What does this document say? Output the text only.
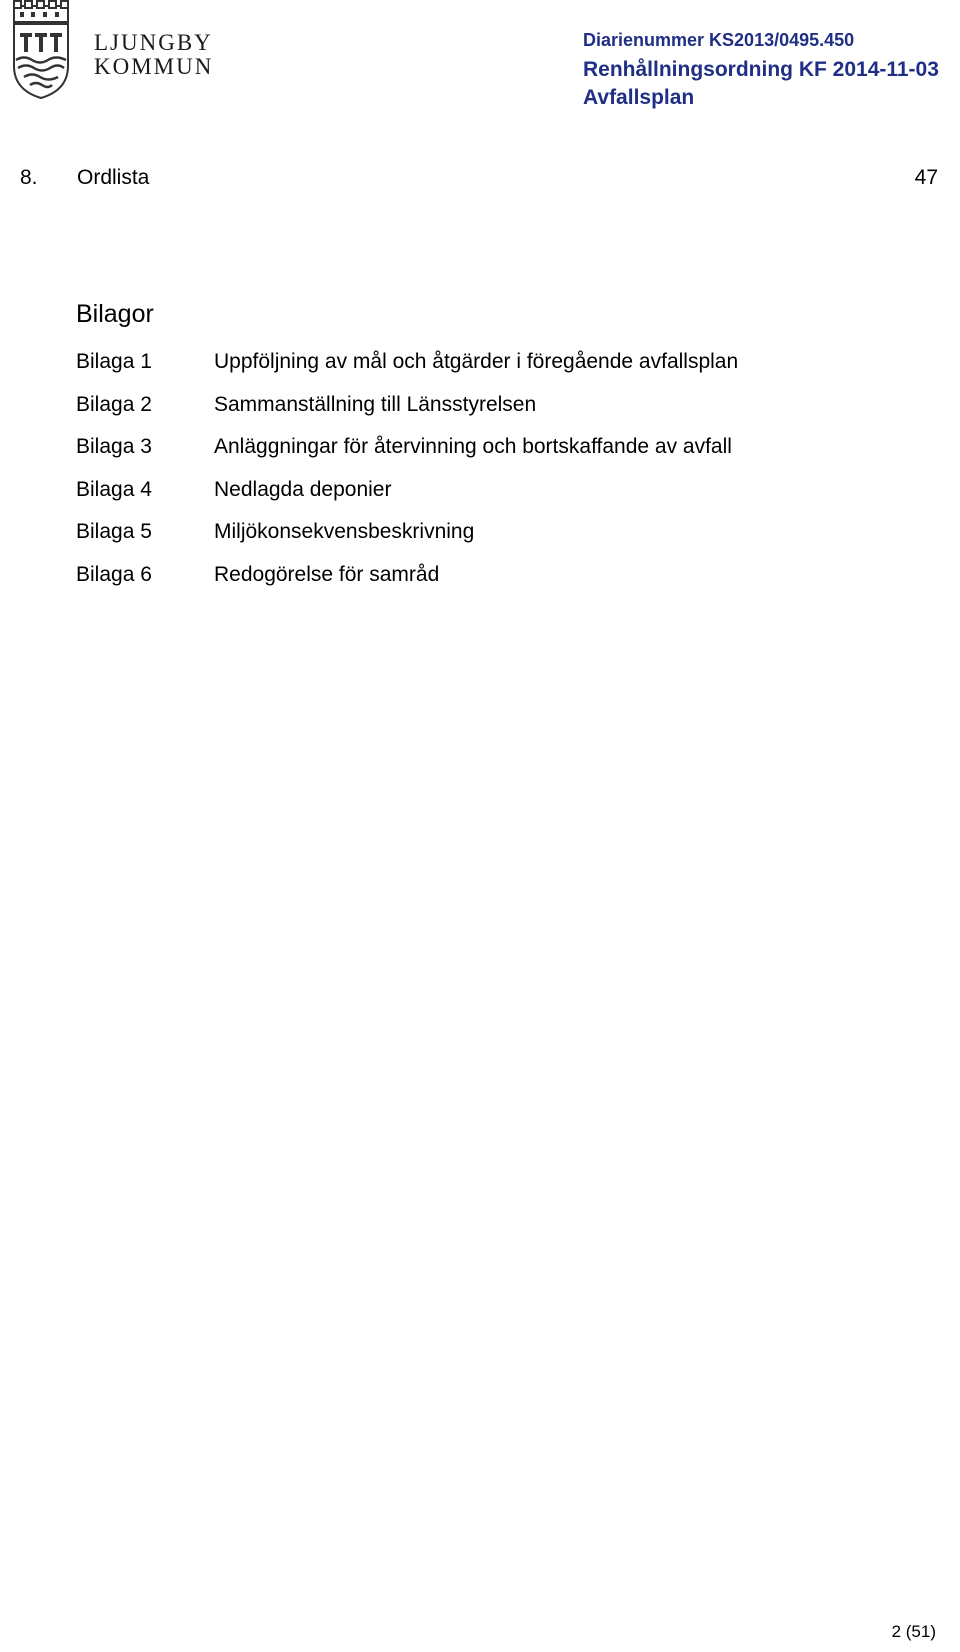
LJUNGBY
KOMMUN
Diarienummer KS2013/0495.450
Renhållningsordning KF 2014-11-03
Avfallsplan
8. Ordlista	47
Bilagor
Bilaga 1	Uppföljning av mål och åtgärder i föregående avfallsplan
Bilaga 2	Sammanställning till Länsstyrelsen
Bilaga 3	Anläggningar för återvinning och bortskaffande av avfall
Bilaga 4	Nedlagda deponier
Bilaga 5	Miljökonsekvensbeskrivning
Bilaga 6	Redogörelse för samråd
2 (51)
